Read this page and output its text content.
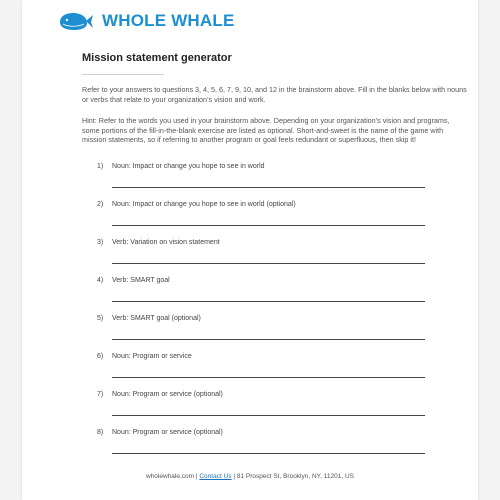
WHOLE WHALE
Mission statement generator
Refer to your answers to questions 3, 4, 5, 6, 7, 9, 10, and 12 in the brainstorm above. Fill in the blanks below with nouns or verbs that relate to your organization’s vision and work.
Hint: Refer to the words you used in your brainstorm above. Depending on your organization’s vision and programs, some portions of the fill-in-the-blank exercise are listed as optional. Short-and-sweet is the name of the game with mission statements, so if referring to another program or goal feels redundant or superfluous, then skip it!
1) Noun: Impact or change you hope to see in world
2) Noun: Impact or change you hope to see in world (optional)
3) Verb: Variation on vision statement
4) Verb: SMART goal
5) Verb: SMART goal (optional)
6) Noun: Program or service
7) Noun: Program or service (optional)
8) Noun: Program or service (optional)
wholewhale.com | Contact Us | 81 Prospect St, Brooklyn, NY, 11201, US
